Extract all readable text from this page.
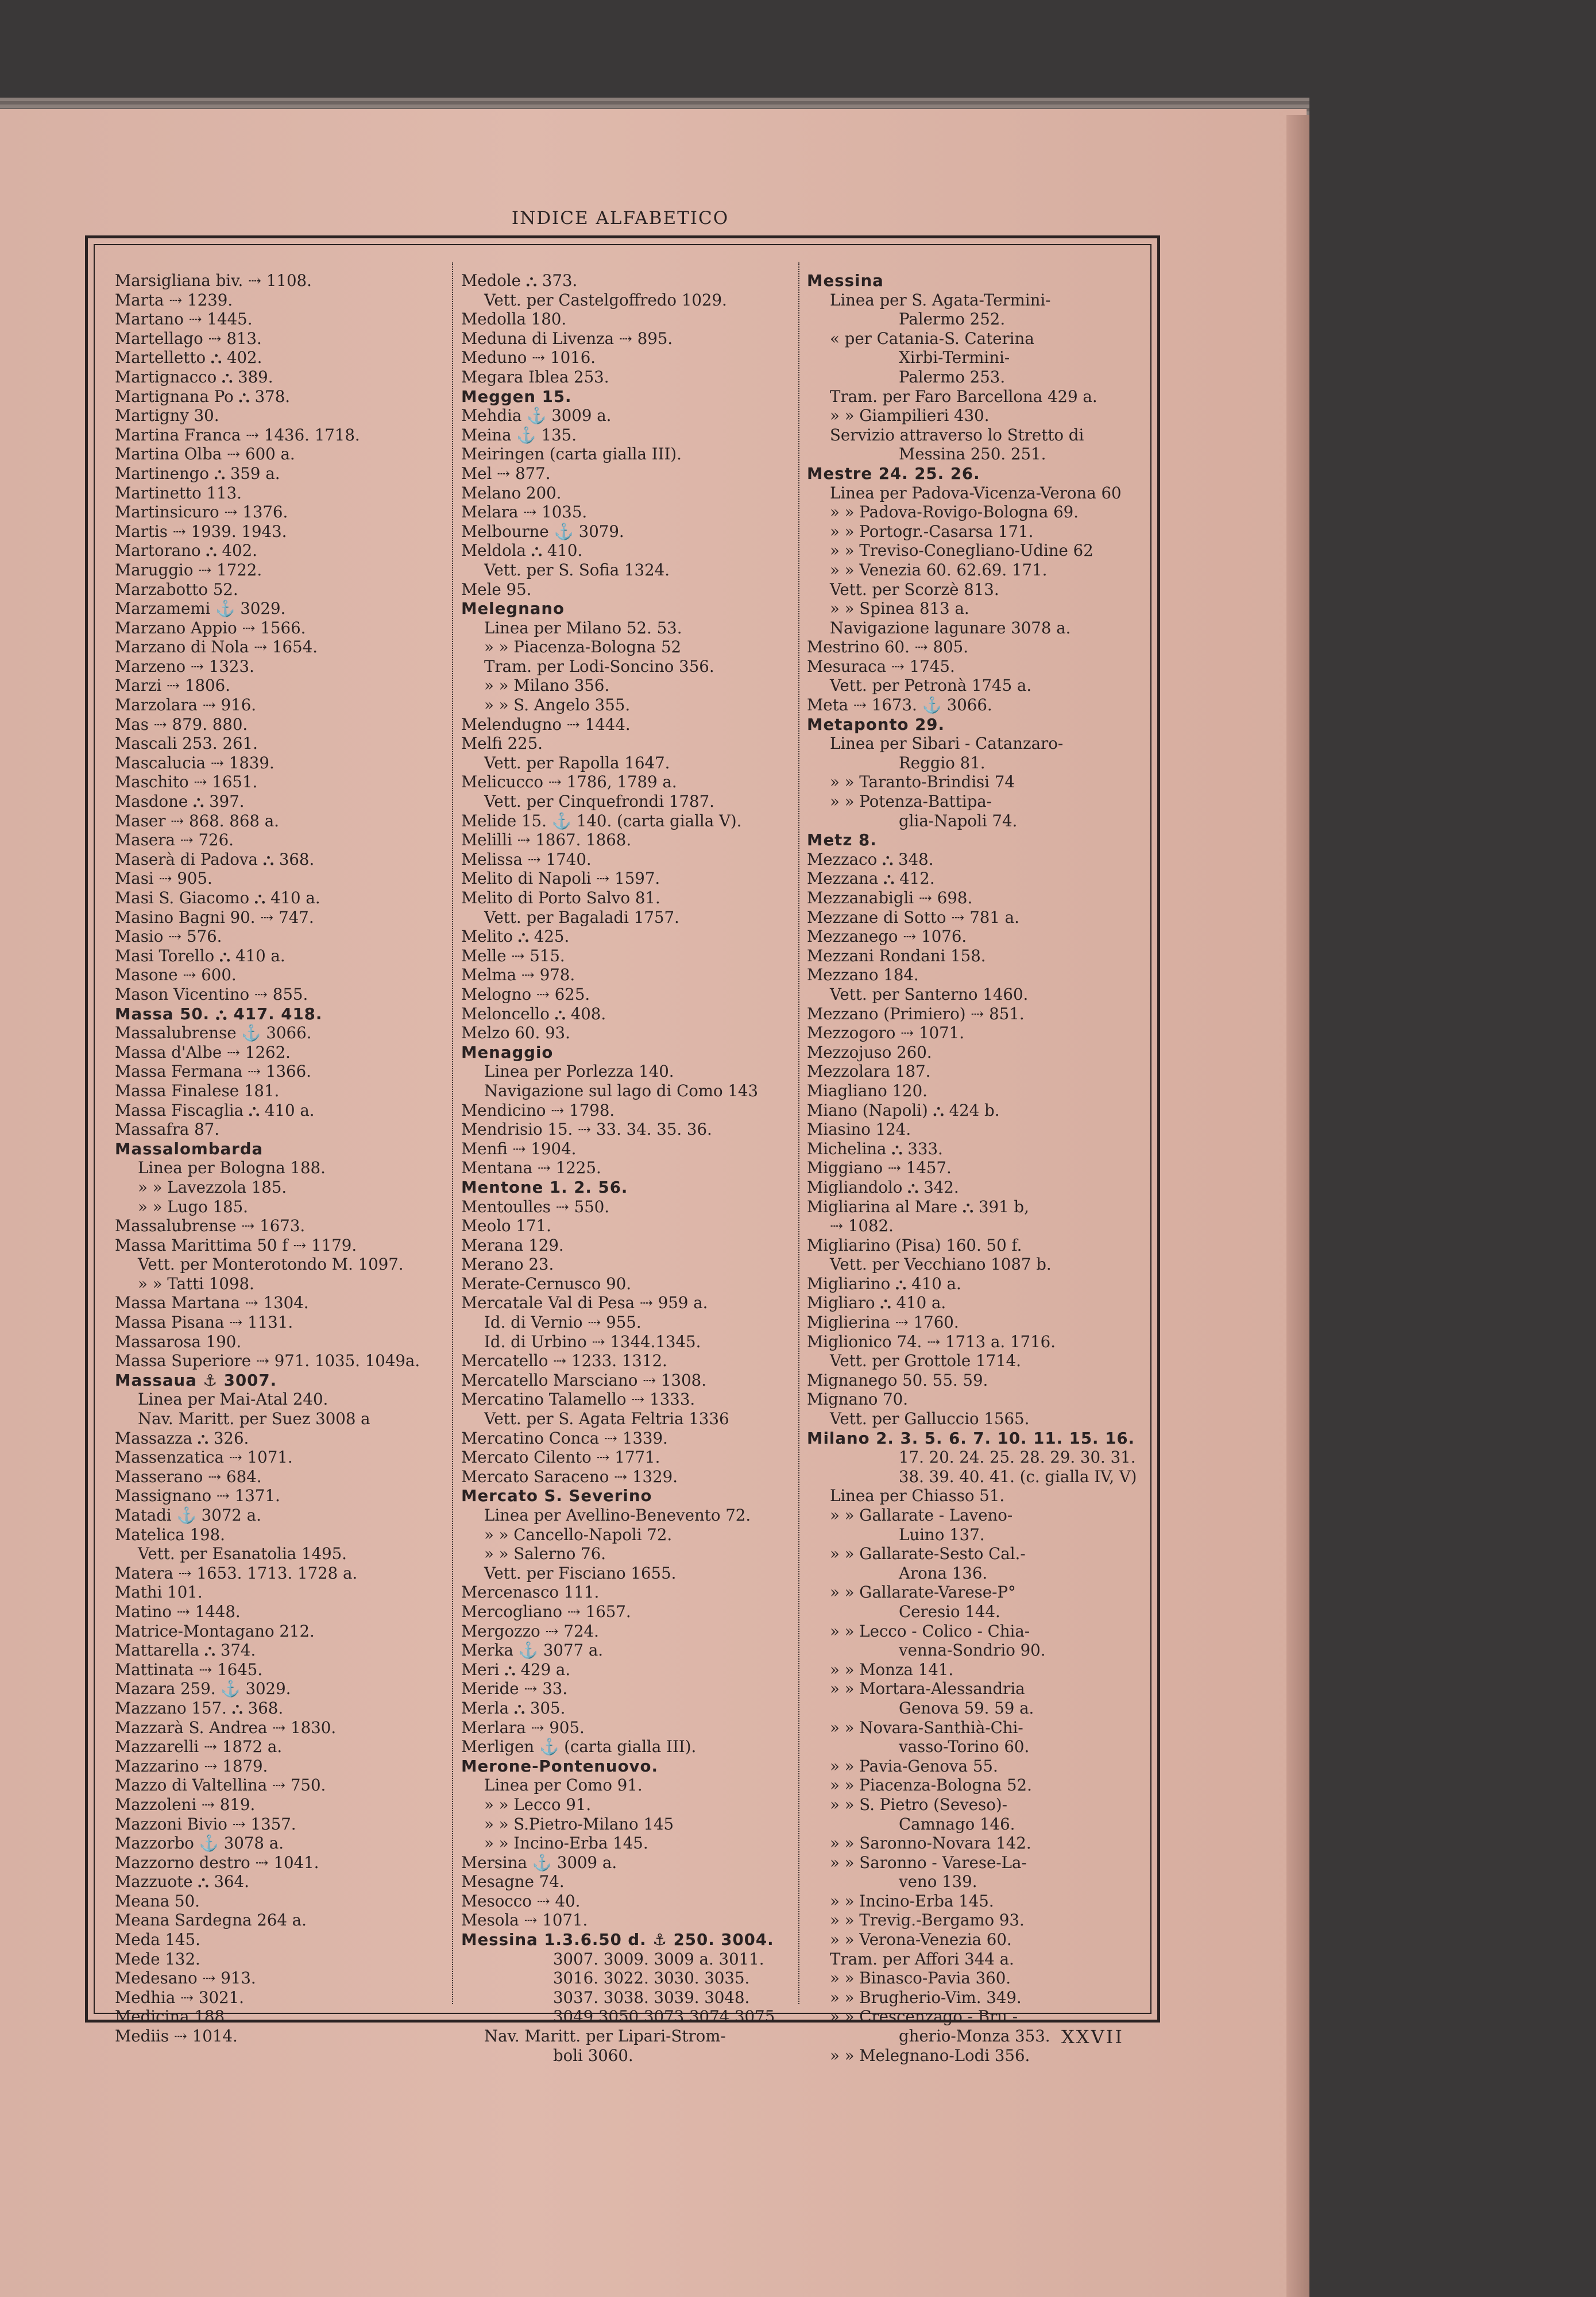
INDICE ALFABETICO
Marsigliana biv. ⇢ 1108.
Marta ⇢ 1239.
Martano ⇢ 1445.
Martellago ⇢ 813.
Martelletto ⛬ 402.
Martignacco ⛬ 389.
Martignana Po ⛬ 378.
Martigny 30.
Martina Franca ⇢ 1436. 1718.
Martina Olba ⇢ 600 a.
Martinengo ⛬ 359 a.
Martinetto 113.
Martinsicuro ⇢ 1376.
Martis ⇢ 1939. 1943.
Martorano ⛬ 402.
Maruggio ⇢ 1722.
Marzabotto 52.
Marzamemi ⚓ 3029.
Marzano Appio ⇢ 1566.
Marzano di Nola ⇢ 1654.
Marzeno ⇢ 1323.
Marzi ⇢ 1806.
Marzolara ⇢ 916.
Mas ⇢ 879. 880.
Mascali 253. 261.
Mascalucia ⇢ 1839.
Maschito ⇢ 1651.
Masdone ⛬ 397.
Maser ⇢ 868. 868 a.
Masera ⇢ 726.
Maserà di Padova ⛬ 368.
Masi ⇢ 905.
Masi S. Giacomo ⛬ 410 a.
Masino Bagni 90. ⇢ 747.
Masio ⇢ 576.
Masi Torello ⛬ 410 a.
Masone ⇢ 600.
Mason Vicentino ⇢ 855.
Massa 50. ⛬ 417. 418.
Massalubrense ⚓ 3066.
Massa d'Albe ⇢ 1262.
Massa Fermana ⇢ 1366.
Massa Finalese 181.
Massa Fiscaglia ⛬ 410 a.
Massafra 87.
Massalombarda
Linea per Bologna 188.
» » Lavezzola 185.
» » Lugo 185.
Massalubrense ⇢ 1673.
Massa Marittima 50 f ⇢ 1179.
Vett. per Monterotondo M. 1097.
» » Tatti 1098.
Massa Martana ⇢ 1304.
Massa Pisana ⇢ 1131.
Massarosa 190.
Massa Superiore ⇢ 971. 1035. 1049a.
Massaua ⚓ 3007.
Linea per Mai-Atal 240.
Nav. Maritt. per Suez 3008 a
Massazza ⛬ 326.
Massenzatica ⇢ 1071.
Masserano ⇢ 684.
Massignano ⇢ 1371.
Matadi ⚓ 3072 a.
Matelica 198.
Vett. per Esanatolia 1495.
Matera ⇢ 1653. 1713. 1728 a.
Mathi 101.
Matino ⇢ 1448.
Matrice-Montagano 212.
Mattarella ⛬ 374.
Mattinata ⇢ 1645.
Mazara 259. ⚓ 3029.
Mazzano 157. ⛬ 368.
Mazzarà S. Andrea ⇢ 1830.
Mazzarelli ⇢ 1872 a.
Mazzarino ⇢ 1879.
Mazzo di Valtellina ⇢ 750.
Mazzoleni ⇢ 819.
Mazzoni Bivio ⇢ 1357.
Mazzorbo ⚓ 3078 a.
Mazzorno destro ⇢ 1041.
Mazzuote ⛬ 364.
Meana 50.
Meana Sardegna 264 a.
Meda 145.
Mede 132.
Medesano ⇢ 913.
Medhia ⇢ 3021.
Medicina 188.
Mediis ⇢ 1014.
Medole ⛬ 373.
Vett. per Castelgoffredo 1029.
Medolla 180.
Meduna di Livenza ⇢ 895.
Meduno ⇢ 1016.
Megara Iblea 253.
Meggen 15.
Mehdia ⚓ 3009 a.
Meina ⚓ 135.
Meiringen (carta gialla III).
Mel ⇢ 877.
Melano 200.
Melara ⇢ 1035.
Melbourne ⚓ 3079.
Meldola ⛬ 410.
Vett. per S. Sofia 1324.
Mele 95.
Melegnano
Linea per Milano 52. 53.
» » Piacenza-Bologna 52
Tram. per Lodi-Soncino 356.
» » Milano 356.
» » S. Angelo 355.
Melendugno ⇢ 1444.
Melfi 225.
Vett. per Rapolla 1647.
Melicucco ⇢ 1786, 1789 a.
Vett. per Cinquefrondi 1787.
Melide 15. ⚓ 140. (carta gialla V).
Melilli ⇢ 1867. 1868.
Melissa ⇢ 1740.
Melito di Napoli ⇢ 1597.
Melito di Porto Salvo 81.
Vett. per Bagaladi 1757.
Melito ⛬ 425.
Melle ⇢ 515.
Melma ⇢ 978.
Melogno ⇢ 625.
Meloncello ⛬ 408.
Melzo 60. 93.
Menaggio
Linea per Porlezza 140.
Navigazione sul lago di Como 143
Mendicino ⇢ 1798.
Mendrisio 15. ⇢ 33. 34. 35. 36.
Menfi ⇢ 1904.
Mentana ⇢ 1225.
Mentone 1. 2. 56.
Mentoulles ⇢ 550.
Meolo 171.
Merana 129.
Merano 23.
Merate-Cernusco 90.
Mercatale Val di Pesa ⇢ 959 a.
Id. di Vernio ⇢ 955.
Id. di Urbino ⇢ 1344.1345.
Mercatello ⇢ 1233. 1312.
Mercatello Marsciano ⇢ 1308.
Mercatino Talamello ⇢ 1333.
Vett. per S. Agata Feltria 1336
Mercatino Conca ⇢ 1339.
Mercato Cilento ⇢ 1771.
Mercato Saraceno ⇢ 1329.
Mercato S. Severino
Linea per Avellino-Benevento 72.
» » Cancello-Napoli 72.
» » Salerno 76.
Vett. per Fisciano 1655.
Mercenasco 111.
Mercogliano ⇢ 1657.
Mergozzo ⇢ 724.
Merka ⚓ 3077 a.
Meri ⛬ 429 a.
Meride ⇢ 33.
Merla ⛬ 305.
Merlara ⇢ 905.
Merligen ⚓ (carta gialla III).
Merone-Pontenuovo.
Linea per Como 91.
» » Lecco 91.
» » S.Pietro-Milano 145
» » Incino-Erba 145.
Mersina ⚓ 3009 a.
Mesagne 74.
Mesocco ⇢ 40.
Mesola ⇢ 1071.
Messina 1.3.6.50 d. ⚓ 250. 3004.
3007. 3009. 3009 a. 3011.
3016. 3022. 3030. 3035.
3037. 3038. 3039. 3048.
3049.3050.3073.3074.3075
Nav. Maritt. per Lipari-Strom-
boli 3060.
Messina
Linea per S. Agata-Termini-
Palermo 252.
« per Catania-S. Caterina
Xirbi-Termini-
Palermo 253.
Tram. per Faro Barcellona 429 a.
» » Giampilieri 430.
Servizio attraverso lo Stretto di
Messina 250. 251.
Mestre 24. 25. 26.
Linea per Padova-Vicenza-Verona 60
» » Padova-Rovigo-Bologna 69.
» » Portogr.-Casarsa 171.
» » Treviso-Conegliano-Udine 62
» » Venezia 60. 62.69. 171.
Vett. per Scorzè 813.
» » Spinea 813 a.
Navigazione lagunare 3078 a.
Mestrino 60. ⇢ 805.
Mesuraca ⇢ 1745.
Vett. per Petronà 1745 a.
Meta ⇢ 1673. ⚓ 3066.
Metaponto 29.
Linea per Sibari - Catanzaro-
Reggio 81.
» » Taranto-Brindisi 74
» » Potenza-Battipa-
glia-Napoli 74.
Metz 8.
Mezzaco ⛬ 348.
Mezzana ⛬ 412.
Mezzanabigli ⇢ 698.
Mezzane di Sotto ⇢ 781 a.
Mezzanego ⇢ 1076.
Mezzani Rondani 158.
Mezzano 184.
Vett. per Santerno 1460.
Mezzano (Primiero) ⇢ 851.
Mezzogoro ⇢ 1071.
Mezzojuso 260.
Mezzolara 187.
Miagliano 120.
Miano (Napoli) ⛬ 424 b.
Miasino 124.
Michelina ⛬ 333.
Miggiano ⇢ 1457.
Migliandolo ⛬ 342.
Migliarina al Mare ⛬ 391 b,
⇢ 1082.
Migliarino (Pisa) 160. 50 f.
Vett. per Vecchiano 1087 b.
Migliarino ⛬ 410 a.
Migliaro ⛬ 410 a.
Miglierina ⇢ 1760.
Miglionico 74. ⇢ 1713 a. 1716.
Vett. per Grottole 1714.
Mignanego 50. 55. 59.
Mignano 70.
Vett. per Galluccio 1565.
Milano 2. 3. 5. 6. 7. 10. 11. 15. 16.
17. 20. 24. 25. 28. 29. 30. 31.
38. 39. 40. 41. (c. gialla IV, V)
Linea per Chiasso 51.
» » Gallarate - Laveno-
Luino 137.
» » Gallarate-Sesto Cal.-
Arona 136.
» » Gallarate-Varese-P°
Ceresio 144.
» » Lecco - Colico - Chia-
venna-Sondrio 90.
» » Monza 141.
» » Mortara-Alessandria
Genova 59. 59 a.
» » Novara-Santhià-Chi-
vasso-Torino 60.
» » Pavia-Genova 55.
» » Piacenza-Bologna 52.
» » S. Pietro (Seveso)-
Camnago 146.
» » Saronno-Novara 142.
» » Saronno - Varese-La-
veno 139.
» » Incino-Erba 145.
» » Trevig.-Bergamo 93.
» » Verona-Venezia 60.
Tram. per Affori 344 a.
» » Binasco-Pavia 360.
» » Brugherio-Vim. 349.
» » Crescenzago - Bru -
gherio-Monza 353.
» » Melegnano-Lodi 356.
XXVII
